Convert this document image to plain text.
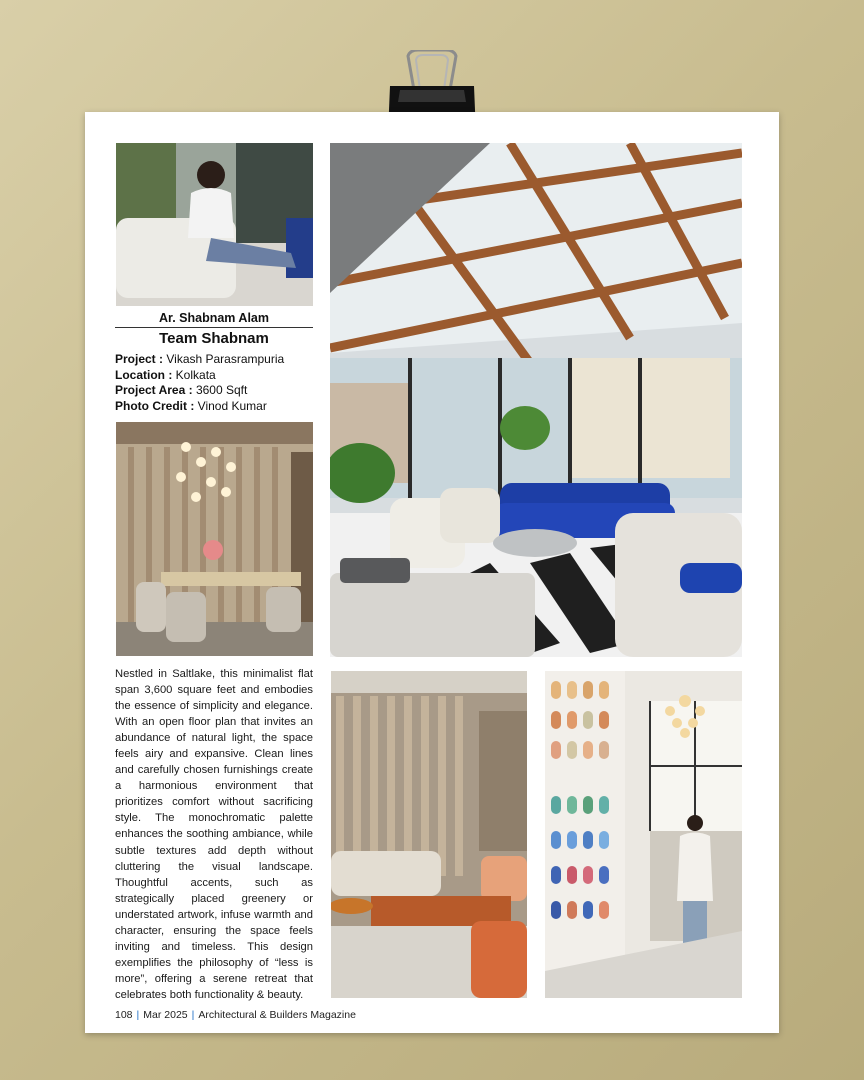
Ar. Shabnam Alam
Team Shabnam
Project : Vikash Parasrampuria
Location : Kolkata
Project Area : 3600 Sqft
Photo Credit : Vinod Kumar

Nestled in Saltlake, this minimalist flat span 3,600 square feet and embodies the essence of simplicity and elegance. With an open floor plan that invites an abundance of natural light, the space feels airy and expansive. Clean lines and carefully chosen furnishings create a harmonious environment that prioritizes comfort without sacrificing style. The monochromatic palette enhances the soothing ambiance, while subtle textures add depth without cluttering the visual landscape. Thoughtful accents, such as strategically placed greenery or understated artwork, infuse warmth and character, ensuring the space feels inviting and timeless. This design exemplifies the philosophy of “less is more”, offering a serene retreat that celebrates both functionality & beauty.

108 | Mar 2025 | Architectural & Builders Magazine
